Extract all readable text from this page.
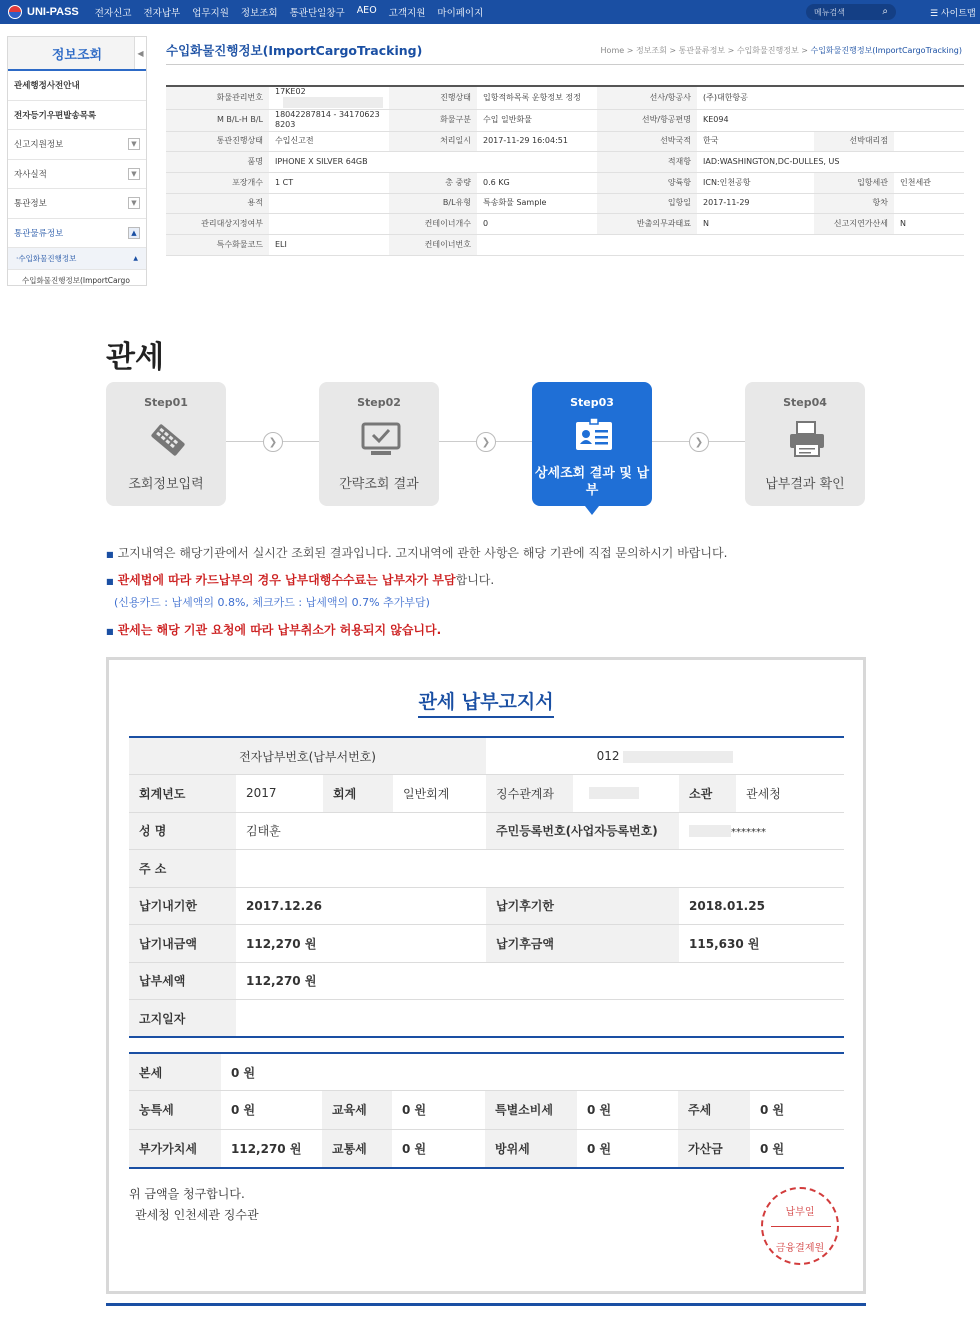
UNI-PASS 전자신고 전자납부 업무지원 정보조회 통관단일창구 AEO 고객지원 마이페이지	메뉴검색	⌕	☰ 사이트맵
정보조회	◀
관세행정사전안내
전자등기우편발송목록
신고지원정보	▼
자사실적	▼
통관정보	▼
통관물류정보	▲
· 수입화물진행정보	▲
수입화물진행정보(ImportCargo
수입화물진행정보(ImportCargoTracking)	Home > 정보조회 > 통관물류정보 > 수입화물진행정보 > 수입화물진행정보(ImportCargoTracking)
화물관리번호	17KE02	진행상태	입항적하목록 운항정보 정정	선사/항공사	(주)대한항공		
M B/L-H B/L	18042287814 - 34170623 8203	화물구분	수입 일반화물	선박/항공편명	KE094		
통관진행상태	수입신고전	처리일시	2017-11-29 16:04:51	선박국적	한국	선박대리점	
품명	IPHONE X SILVER 64GB			적재항	IAD:WASHINGTON,DC-DULLES, US		
포장개수	1 CT	총 중량	0.6 KG	양륙항	ICN:인천공항	입항세관	인천세관
용적		B/L유형	특송화물 Sample	입항일	2017-11-29	항차	
관리대상지정여부		컨테이너개수	0	반출의무과태료	N	신고지연가산세	N
특수화물코드	ELI	컨테이너번호					
관세
Step01
조회정보입력
❯
Step02
간략조회 결과
❯
Step03
상세조회 결과 및 납부
❯
Step04
납부결과 확인
■ 고지내역은 해당기관에서 실시간 조회된 결과입니다. 고지내역에 관한 사항은 해당 기관에 직접 문의하시기 바랍니다.
■ 관세법에 따라 카드납부의 경우 납부대행수수료는 납부자가 부담합니다.
(신용카드 : 납세액의 0.8%, 체크카드 : 납세액의 0.7% 추가부담)
■ 관세는 해당 기관 요청에 따라 납부취소가 허용되지 않습니다.
관세 납부고지서
전자납부번호(납부서번호)				012		
회계년도	2017	회계	일반회계	징수관계좌	소관	관세청
성 명	김태훈			주민등록번호(사업자등록번호)	*******	
주 소						
납기내기한	2017.12.26			납기후기한	2018.01.25	
납기내금액	112,270 원			납기후금액	115,630 원	
납부세액	112,270 원					
고지일자						
본세	0 원					
농특세	0 원	교육세	0 원	특별소비세 0 원	주세	0 원
부가가치세	112,270 원	교통세	0 원	방위세 0 원	가산금	0 원
위 금액을 청구합니다.
관세청 인천세관 징수관	납부일
금융결제원
